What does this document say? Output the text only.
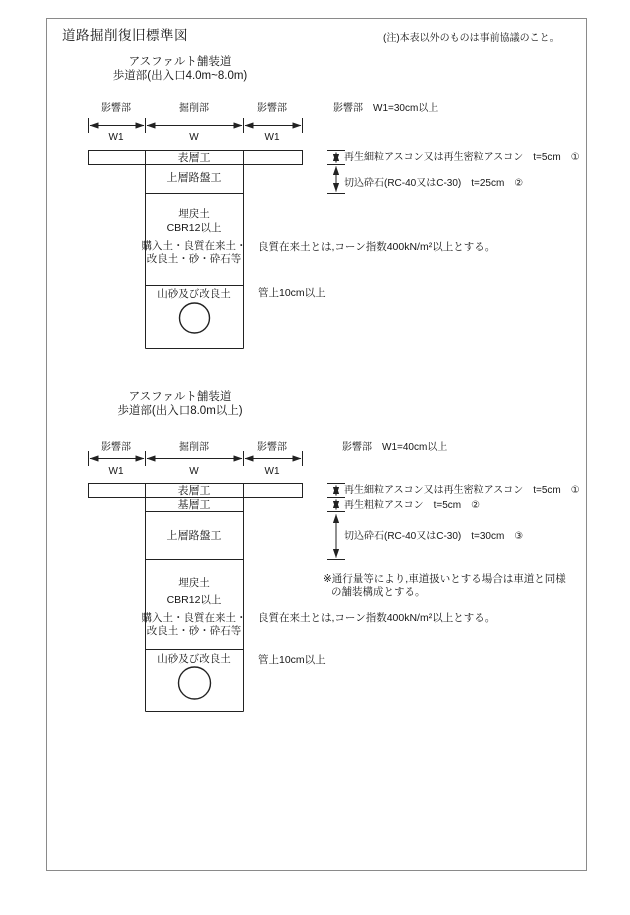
道路掘削復旧標準図	(注)本表以外のものは事前協議のこと。
アスファルト舗装道
歩道部(出入口4.0m~8.0m)
影響部	掘削部	影響部	影響部　W1=30cm以上
W1	W	W1
表層工
上層路盤工
埋戻土
CBR12以上
購入土・良質在来土・
改良土・砂・砕石等
山砂及び改良土
再生細粒アスコン又は再生密粒アスコン　t=5cm　①
切込砕石(RC-40又はC-30)　t=25cm　②
良質在来土とは,コーン指数400kN/m²以上とする。
管上10cm以上
アスファルト舗装道
歩道部(出入口8.0m以上)
影響部	掘削部	影響部	影響部　W1=40cm以上
W1	W	W1
表層工
基層工
上層路盤工
埋戻土
CBR12以上
購入土・良質在来土・
改良土・砂・砕石等
山砂及び改良土
再生細粒アスコン又は再生密粒アスコン　t=5cm　①
再生粗粒アスコン　t=5cm　②
切込砕石(RC-40又はC-30)　t=30cm　③
※通行量等により,車道扱いとする場合は車道と同様
の舗装構成とする。
良質在来土とは,コーン指数400kN/m²以上とする。
管上10cm以上
